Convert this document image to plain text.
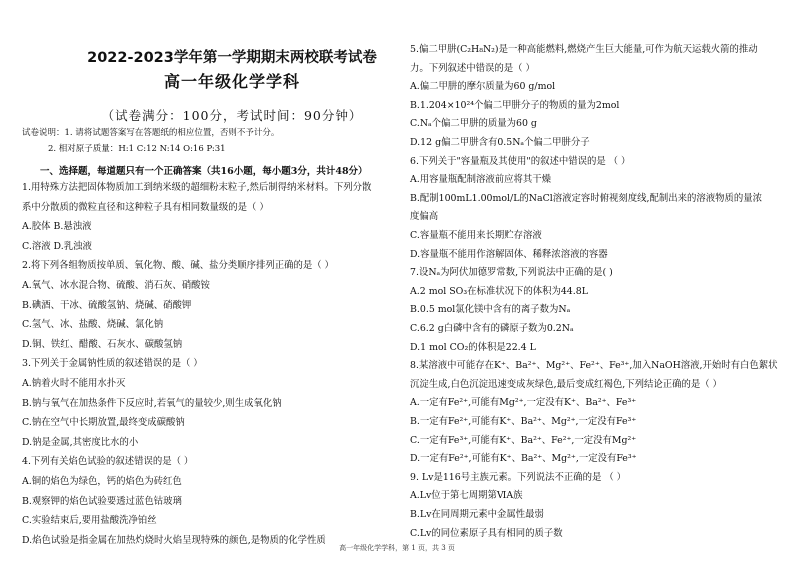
2022-2023学年第一学期期末两校联考试卷
高一年级化学学科
（试卷满分：100分，考试时间：90分钟）
试卷说明：1. 请将试题答案写在答题纸的相应位置，否则不予计分。
2. 相对原子质量：H:1 C:12 N:14 O:16 P:31
一、选择题，每道题只有一个正确答案（共16小题，每小题3分，共计48分）
1.用特殊方法把固体物质加工到纳米级的超细粉末粒子,然后制得纳米材料。下列分散
系中分散质的微粒直径和这种粒子具有相同数量级的是（ ）
A.胶体 B.悬浊液
C.溶液 D.乳浊液
2.将下列各组物质按单质、氧化物、酸、碱、盐分类顺序排列正确的是（ ）
A.氧气、冰水混合物、硫酸、消石灰、硝酸铵
B.碘酒、干冰、硫酸氢钠、烧碱、硝酸钾
C.氢气、冰、盐酸、烧碱、氯化钠
D.铜、铁红、醋酸、石灰水、碳酸氢钠
3.下列关于金属钠性质的叙述错误的是（ ）
A.钠着火时不能用水扑灭
B.钠与氧气在加热条件下反应时,若氧气的量较少,则生成氧化钠
C.钠在空气中长期放置,最终变成碳酸钠
D.钠是金属,其密度比水的小
4.下列有关焰色试验的叙述错误的是（ ）
A.铜的焰色为绿色，钙的焰色为砖红色
B.观察钾的焰色试验要透过蓝色钴玻璃
C.实验结束后,要用盐酸洗净铂丝
D.焰色试验是指金属在加热灼烧时火焰呈现特殊的颜色,是物质的化学性质
5.偏二甲肼(C₂H₈N₂)是一种高能燃料,燃烧产生巨大能量,可作为航天运载火箭的推动
力。下列叙述中错误的是（ ）
A.偏二甲肼的摩尔质量为60 g/mol
B.1.204×10²⁴个偏二甲肼分子的物质的量为2mol
C.Nₐ个偏二甲肼的质量为60 g
D.12 g偏二甲肼含有0.5Nₐ个偏二甲肼分子
6.下列关于"容量瓶及其使用"的叙述中错误的是 （ ）
A.用容量瓶配制溶液前应将其干燥
B.配制100mL1.00mol/L的NaCl溶液定容时俯视刻度线,配制出来的溶液物质的量浓
度偏高
C.容量瓶不能用来长期贮存溶液
D.容量瓶不能用作溶解固体、稀释浓溶液的容器
7.设Nₐ为阿伏加德罗常数,下列说法中正确的是( )
A.2 mol SO₃在标准状况下的体积为44.8L
B.0.5 mol氯化镁中含有的离子数为Nₐ
C.6.2 g白磷中含有的磷原子数为0.2Nₐ
D.1 mol CO₂的体积是22.4 L
8.某溶液中可能存在K⁺、Ba²⁺、Mg²⁺、Fe²⁺、Fe³⁺,加入NaOH溶液,开始时有白色絮状
沉淀生成,白色沉淀迅速变成灰绿色,最后变成红褐色,下列结论正确的是（ ）
A.一定有Fe²⁺,可能有Mg²⁺,一定没有K⁺、Ba²⁺、Fe³⁺
B.一定有Fe²⁺,可能有K⁺、Ba²⁺、Mg²⁺,一定没有Fe³⁺
C.一定有Fe³⁺,可能有K⁺、Ba²⁺、Fe²⁺,一定没有Mg²⁺
D.一定有Fe²⁺,可能有K⁺、Ba²⁺、Mg²⁺,一定没有Fe³⁺
9. Lv是116号主族元素。下列说法不正确的是 （ ）
A.Lv位于第七周期第ⅥA族
B.Lv在同周期元素中金属性最弱
C.Lv的同位素原子具有相同的质子数
高一年级化学学科，第 1 页，共 3 页
